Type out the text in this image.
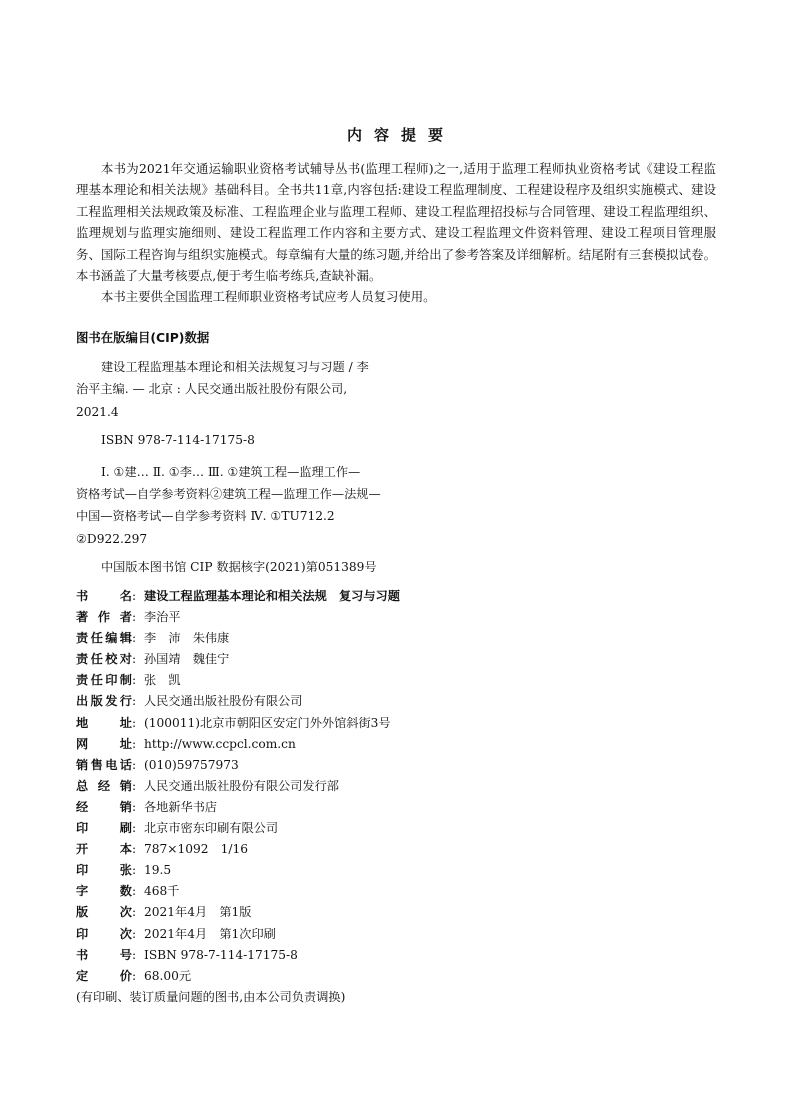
内容提要

本书为2021年交通运输职业资格考试辅导丛书(监理工程师)之一,适用于监理工程师执业资格考试《建设工程监理基本理论和相关法规》基础科目。全书共11章,内容包括:建设工程监理制度、工程建设程序及组织实施模式、建设工程监理相关法规政策及标准、工程监理企业与监理工程师、建设工程监理招投标与合同管理、建设工程监理组织、监理规划与监理实施细则、建设工程监理工作内容和主要方式、建设工程监理文件资料管理、建设工程项目管理服务、国际工程咨询与组织实施模式。每章编有大量的练习题,并给出了参考答案及详细解析。结尾附有三套模拟试卷。本书涵盖了大量考核要点,便于考生临考练兵,查缺补漏。

本书主要供全国监理工程师职业资格考试应考人员复习使用。

图书在版编目(CIP)数据
建设工程监理基本理论和相关法规复习与习题 / 李
治平主编. — 北京 : 人民交通出版社股份有限公司,
2021.4
ISBN 978-7-114-17175-8
Ⅰ. ①建… Ⅱ. ①李… Ⅲ. ①建筑工程—监理工作—
资格考试—自学参考资料②建筑工程—监理工作—法规—
中国—资格考试—自学参考资料 Ⅳ. ①TU712.2
②D922.297
中国版本图书馆 CIP 数据核字(2021)第051389号
书名 : 建设工程监理基本理论和相关法规　复习与习题
著作者 : 李治平
责任编辑 : 李　沛　朱伟康
责任校对 : 孙国靖　魏佳宁
责任印制 : 张　凯
出版发行 : 人民交通出版社股份有限公司
地址 : (100011)北京市朝阳区安定门外外馆斜街3号
网址 : http://www.ccpcl.com.cn
销售电话 : (010)59757973
总经销 : 人民交通出版社股份有限公司发行部
经销 : 各地新华书店
印刷 : 北京市密东印刷有限公司
开本 : 787×1092　1/16
印张 : 19.5
字数 : 468千
版次 : 2021年4月　第1版
印次 : 2021年4月　第1次印刷
书号 : ISBN 978-7-114-17175-8
定价 : 68.00元
(有印刷、装订质量问题的图书,由本公司负责调换)
